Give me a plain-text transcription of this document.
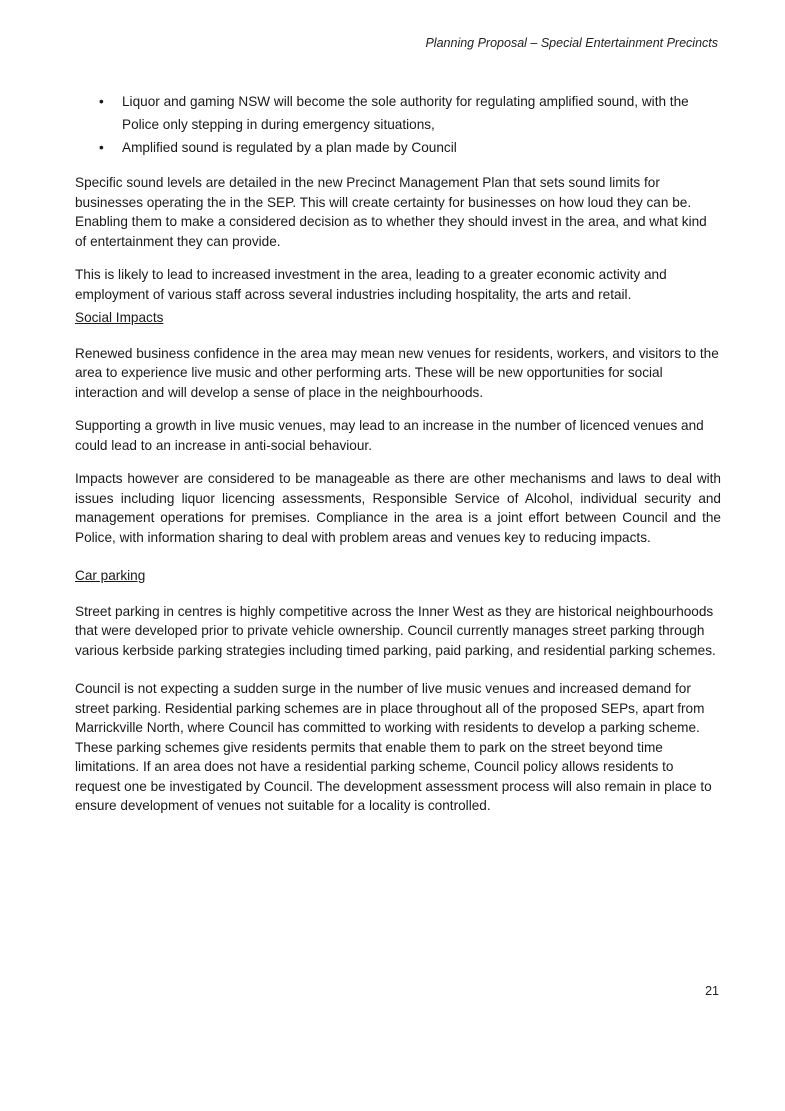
Planning Proposal – Special Entertainment Precincts
• Liquor and gaming NSW will become the sole authority for regulating amplified sound, with the Police only stepping in during emergency situations,
• Amplified sound is regulated by a plan made by Council

Specific sound levels are detailed in the new Precinct Management Plan that sets sound limits for businesses operating the in the SEP. This will create certainty for businesses on how loud they can be. Enabling them to make a considered decision as to whether they should invest in the area, and what kind of entertainment they can provide.

This is likely to lead to increased investment in the area, leading to a greater economic activity and employment of various staff across several industries including hospitality, the arts and retail.

Social Impacts

Renewed business confidence in the area may mean new venues for residents, workers, and visitors to the area to experience live music and other performing arts. These will be new opportunities for social interaction and will develop a sense of place in the neighbourhoods.

Supporting a growth in live music venues, may lead to an increase in the number of licenced venues and could lead to an increase in anti-social behaviour.

Impacts however are considered to be manageable as there are other mechanisms and laws to deal with issues including liquor licencing assessments, Responsible Service of Alcohol, individual security and management operations for premises. Compliance in the area is a joint effort between Council and the Police, with information sharing to deal with problem areas and venues key to reducing impacts.

Car parking

Street parking in centres is highly competitive across the Inner West as they are historical neighbourhoods that were developed prior to private vehicle ownership. Council currently manages street parking through various kerbside parking strategies including timed parking, paid parking, and residential parking schemes.

Council is not expecting a sudden surge in the number of live music venues and increased demand for street parking. Residential parking schemes are in place throughout all of the proposed SEPs, apart from Marrickville North, where Council has committed to working with residents to develop a parking scheme. These parking schemes give residents permits that enable them to park on the street beyond time limitations. If an area does not have a residential parking scheme, Council policy allows residents to request one be investigated by Council. The development assessment process will also remain in place to ensure development of venues not suitable for a locality is controlled.

21
